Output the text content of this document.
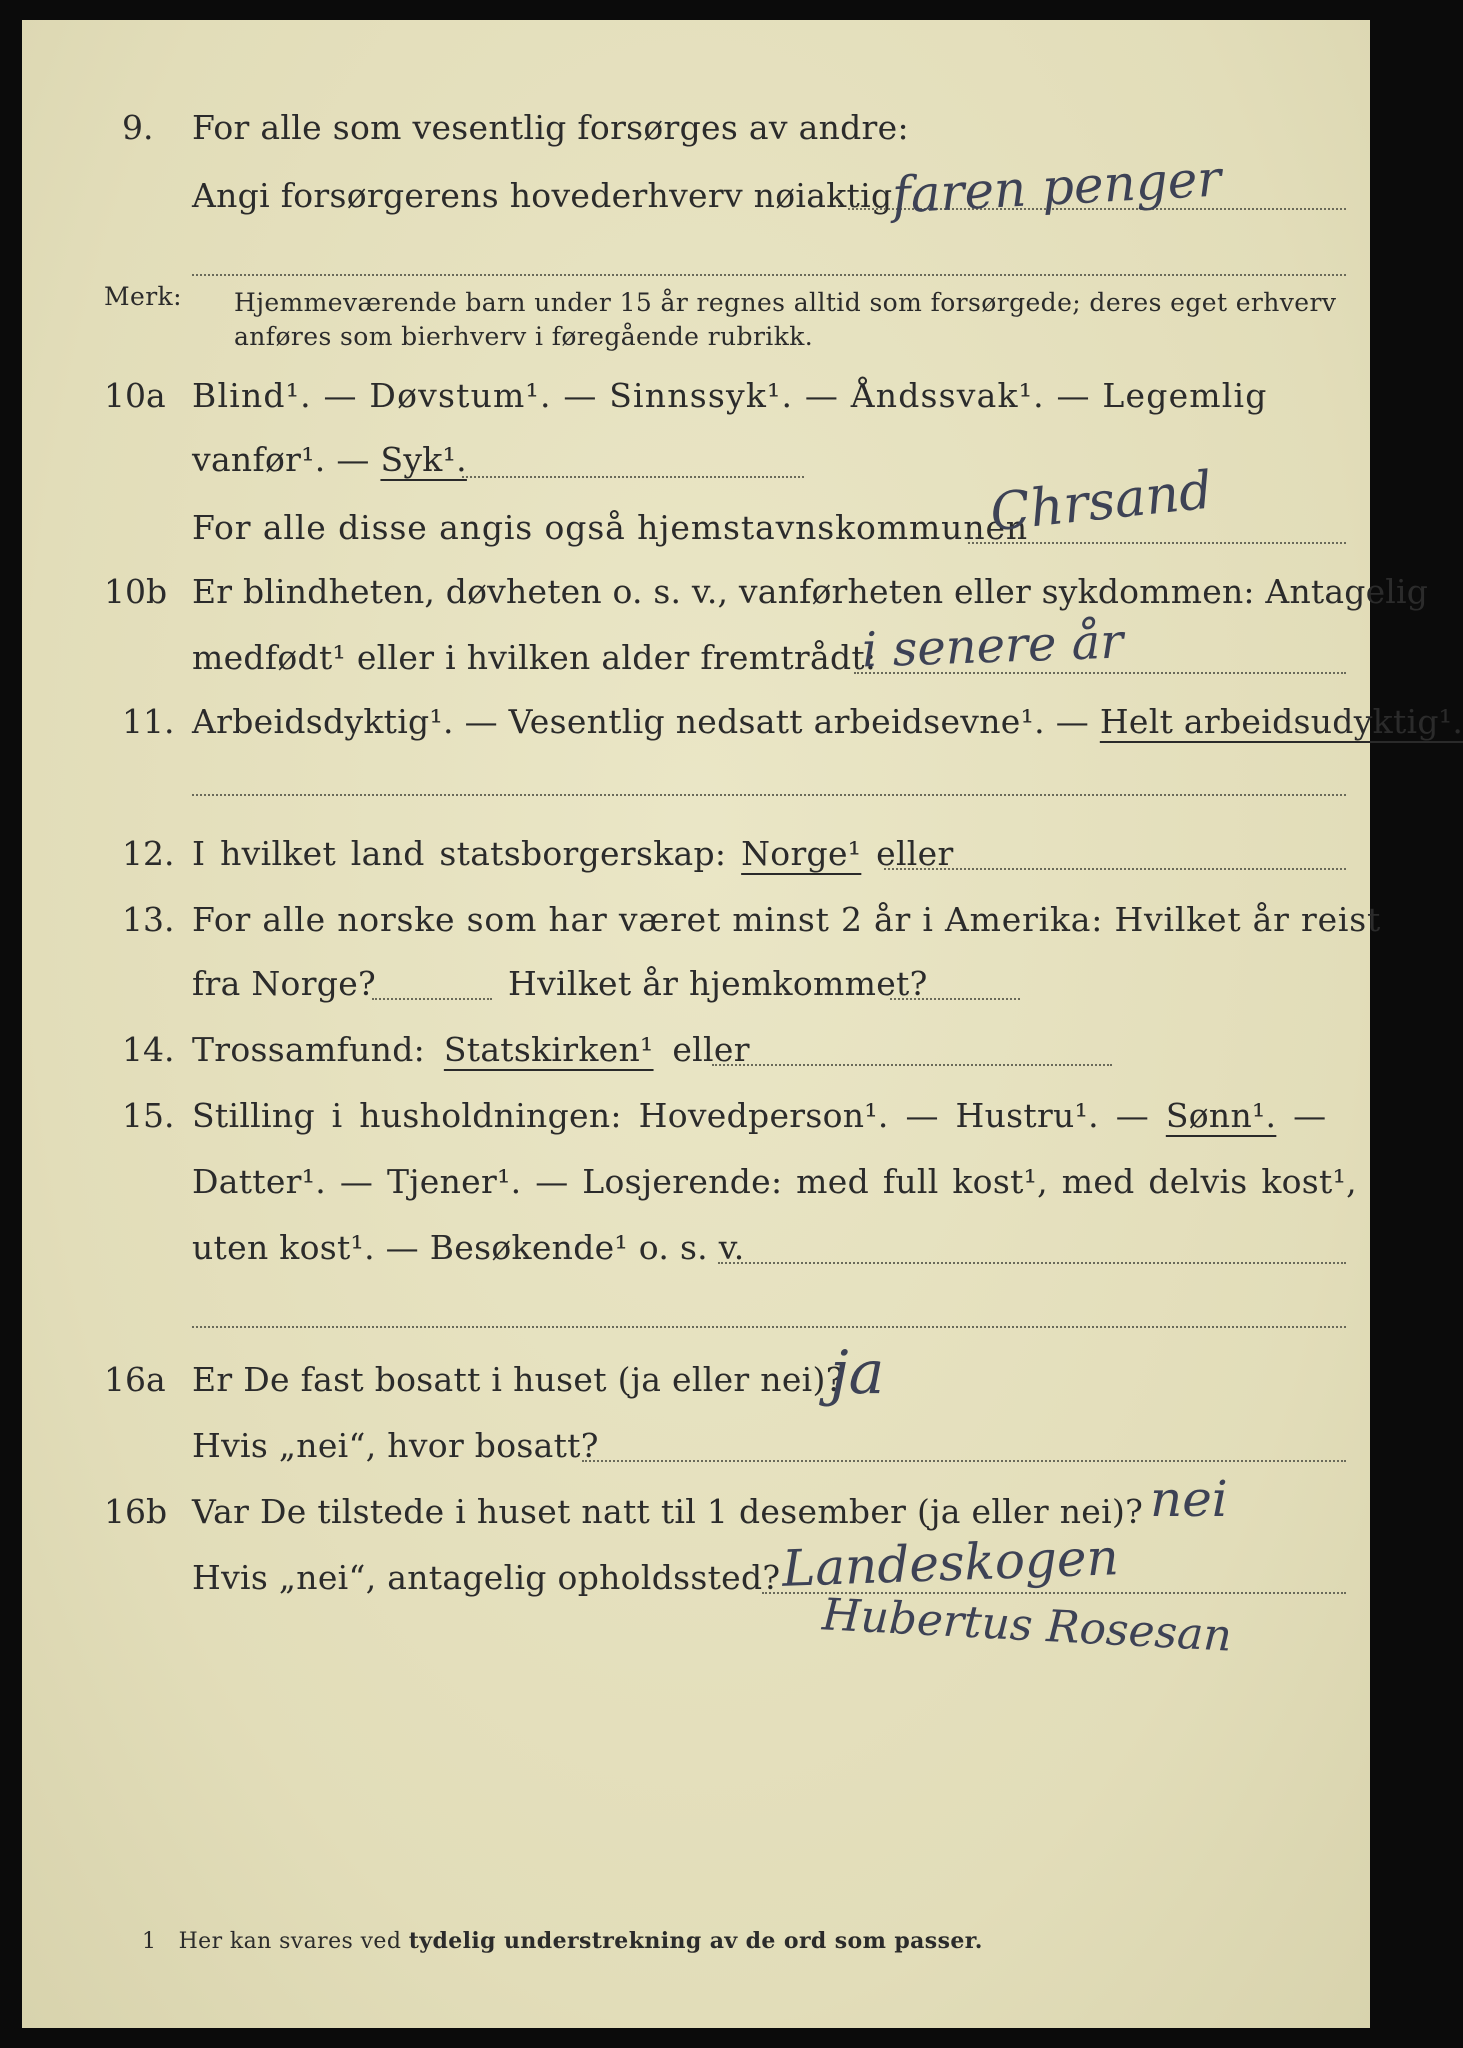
9. For alle som vesentlig forsørges av andre:
Angi forsørgerens hovederhverv nøiaktig
faren penger
Merk: Hjemmeværende barn under 15 år regnes alltid som forsørgede; deres eget erhverv
anføres som bierhverv i føregående rubrikk.
10a Blind¹. — Døvstum¹. — Sinnssyk¹. — Åndssvak¹. — Legemlig
vanfør¹. — Syk¹.
For alle disse angis også hjemstavnskommunen
Chrsand
10b Er blindheten, døvheten o. s. v., vanførheten eller sykdommen: Antagelig
medfødt¹ eller i hvilken alder fremtrådt:
i senere år
11. Arbeidsdyktig¹. — Vesentlig nedsatt arbeidsevne¹. — Helt arbeidsudyktig¹.
12. I hvilket land statsborgerskap: Norge¹ eller
13. For alle norske som har været minst 2 år i Amerika: Hvilket år reist
fra Norge?	Hvilket år hjemkommet?
14. Trossamfund: Statskirken¹ eller
15. Stilling i husholdningen: Hovedperson¹. — Hustru¹. — Sønn¹. —
Datter¹. — Tjener¹. — Losjerende: med full kost¹, med delvis kost¹,
uten kost¹. — Besøkende¹ o. s. v.
16a Er De fast bosatt i huset (ja eller nei)?
ja
Hvis „nei“, hvor bosatt?
16b Var De tilstede i huset natt til 1 desember (ja eller nei)? nei
Hvis „nei“, antagelig opholdssted? Landeskogen
Hubertus Rosesan
1 Her kan svares ved tydelig understrekning av de ord som passer.
